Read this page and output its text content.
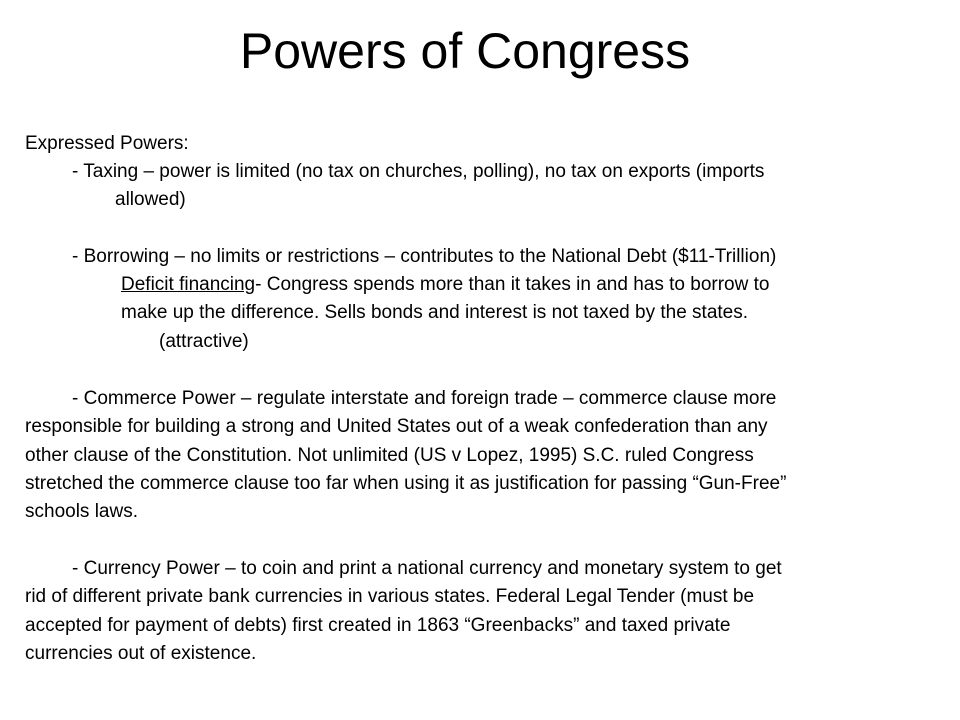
Powers of Congress

Expressed Powers:

- Taxing – power is limited (no tax on churches, polling), no tax on exports (imports

allowed)

- Borrowing – no limits or restrictions – contributes to the National Debt ($11-Trillion)

Deficit financing- Congress spends more than it takes in and has to borrow to

make up the difference. Sells bonds and interest is not taxed by the states.

(attractive)

- Commerce Power – regulate interstate and foreign trade – commerce clause more

responsible for building a strong and United States out of a weak confederation than any

other clause of the Constitution. Not unlimited (US v Lopez, 1995) S.C. ruled Congress

stretched the commerce clause too far when using it as justification for passing “Gun-Free”

schools laws.

- Currency Power – to coin and print a national currency and monetary system to get

rid of different private bank currencies in various states. Federal Legal Tender (must be

accepted for payment of debts) first created in 1863 “Greenbacks” and taxed private

currencies out of existence.
